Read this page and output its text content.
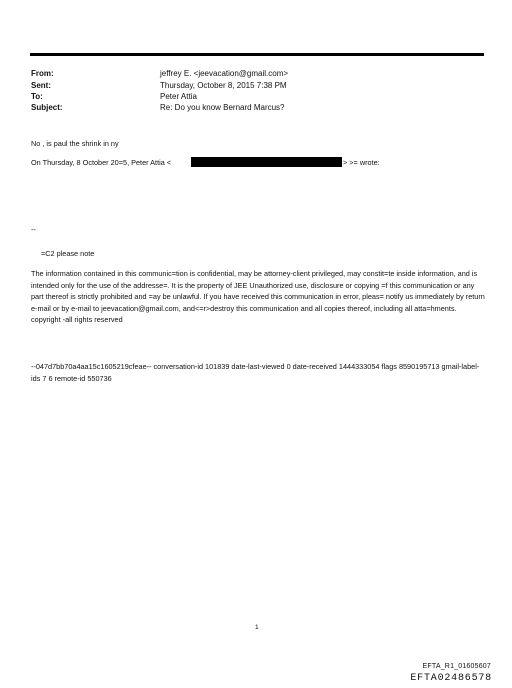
From:	jeffrey E. <jeevacation@gmail.com>
Sent:	Thursday, October 8, 2015 7:38 PM
To:	Peter Attia
Subject:	Re: Do you know Bernard Marcus?
No , is paul the shrink in ny
On Thursday, 8 October 20=5, Peter Attia <	> >= wrote:
--
=C2 please note
The information contained in this communic=tion is confidential, may be attorney-client privileged, may constit=te inside information, and is intended only for the use of the addresse=. It is the property of JEE Unauthorized use, disclosure or copying =f this communication or any part thereof is strictly prohibited and =ay be unlawful. If you have received this communication in error, pleas= notify us immediately by return e-mail or by e-mail to jeevacation@gmail.com, and<=r>destroy this communication and all copies thereof, including all atta=hments. copyright -all rights reserved
--047d7bb70a4aa15c1605219cfeae-- conversation-id 101839 date-last-viewed 0 date-received 1444333054 flags 8590195713 gmail-label-ids 7 6 remote-id 550736
1
EFTA_R1_01605607
EFTA02486578
